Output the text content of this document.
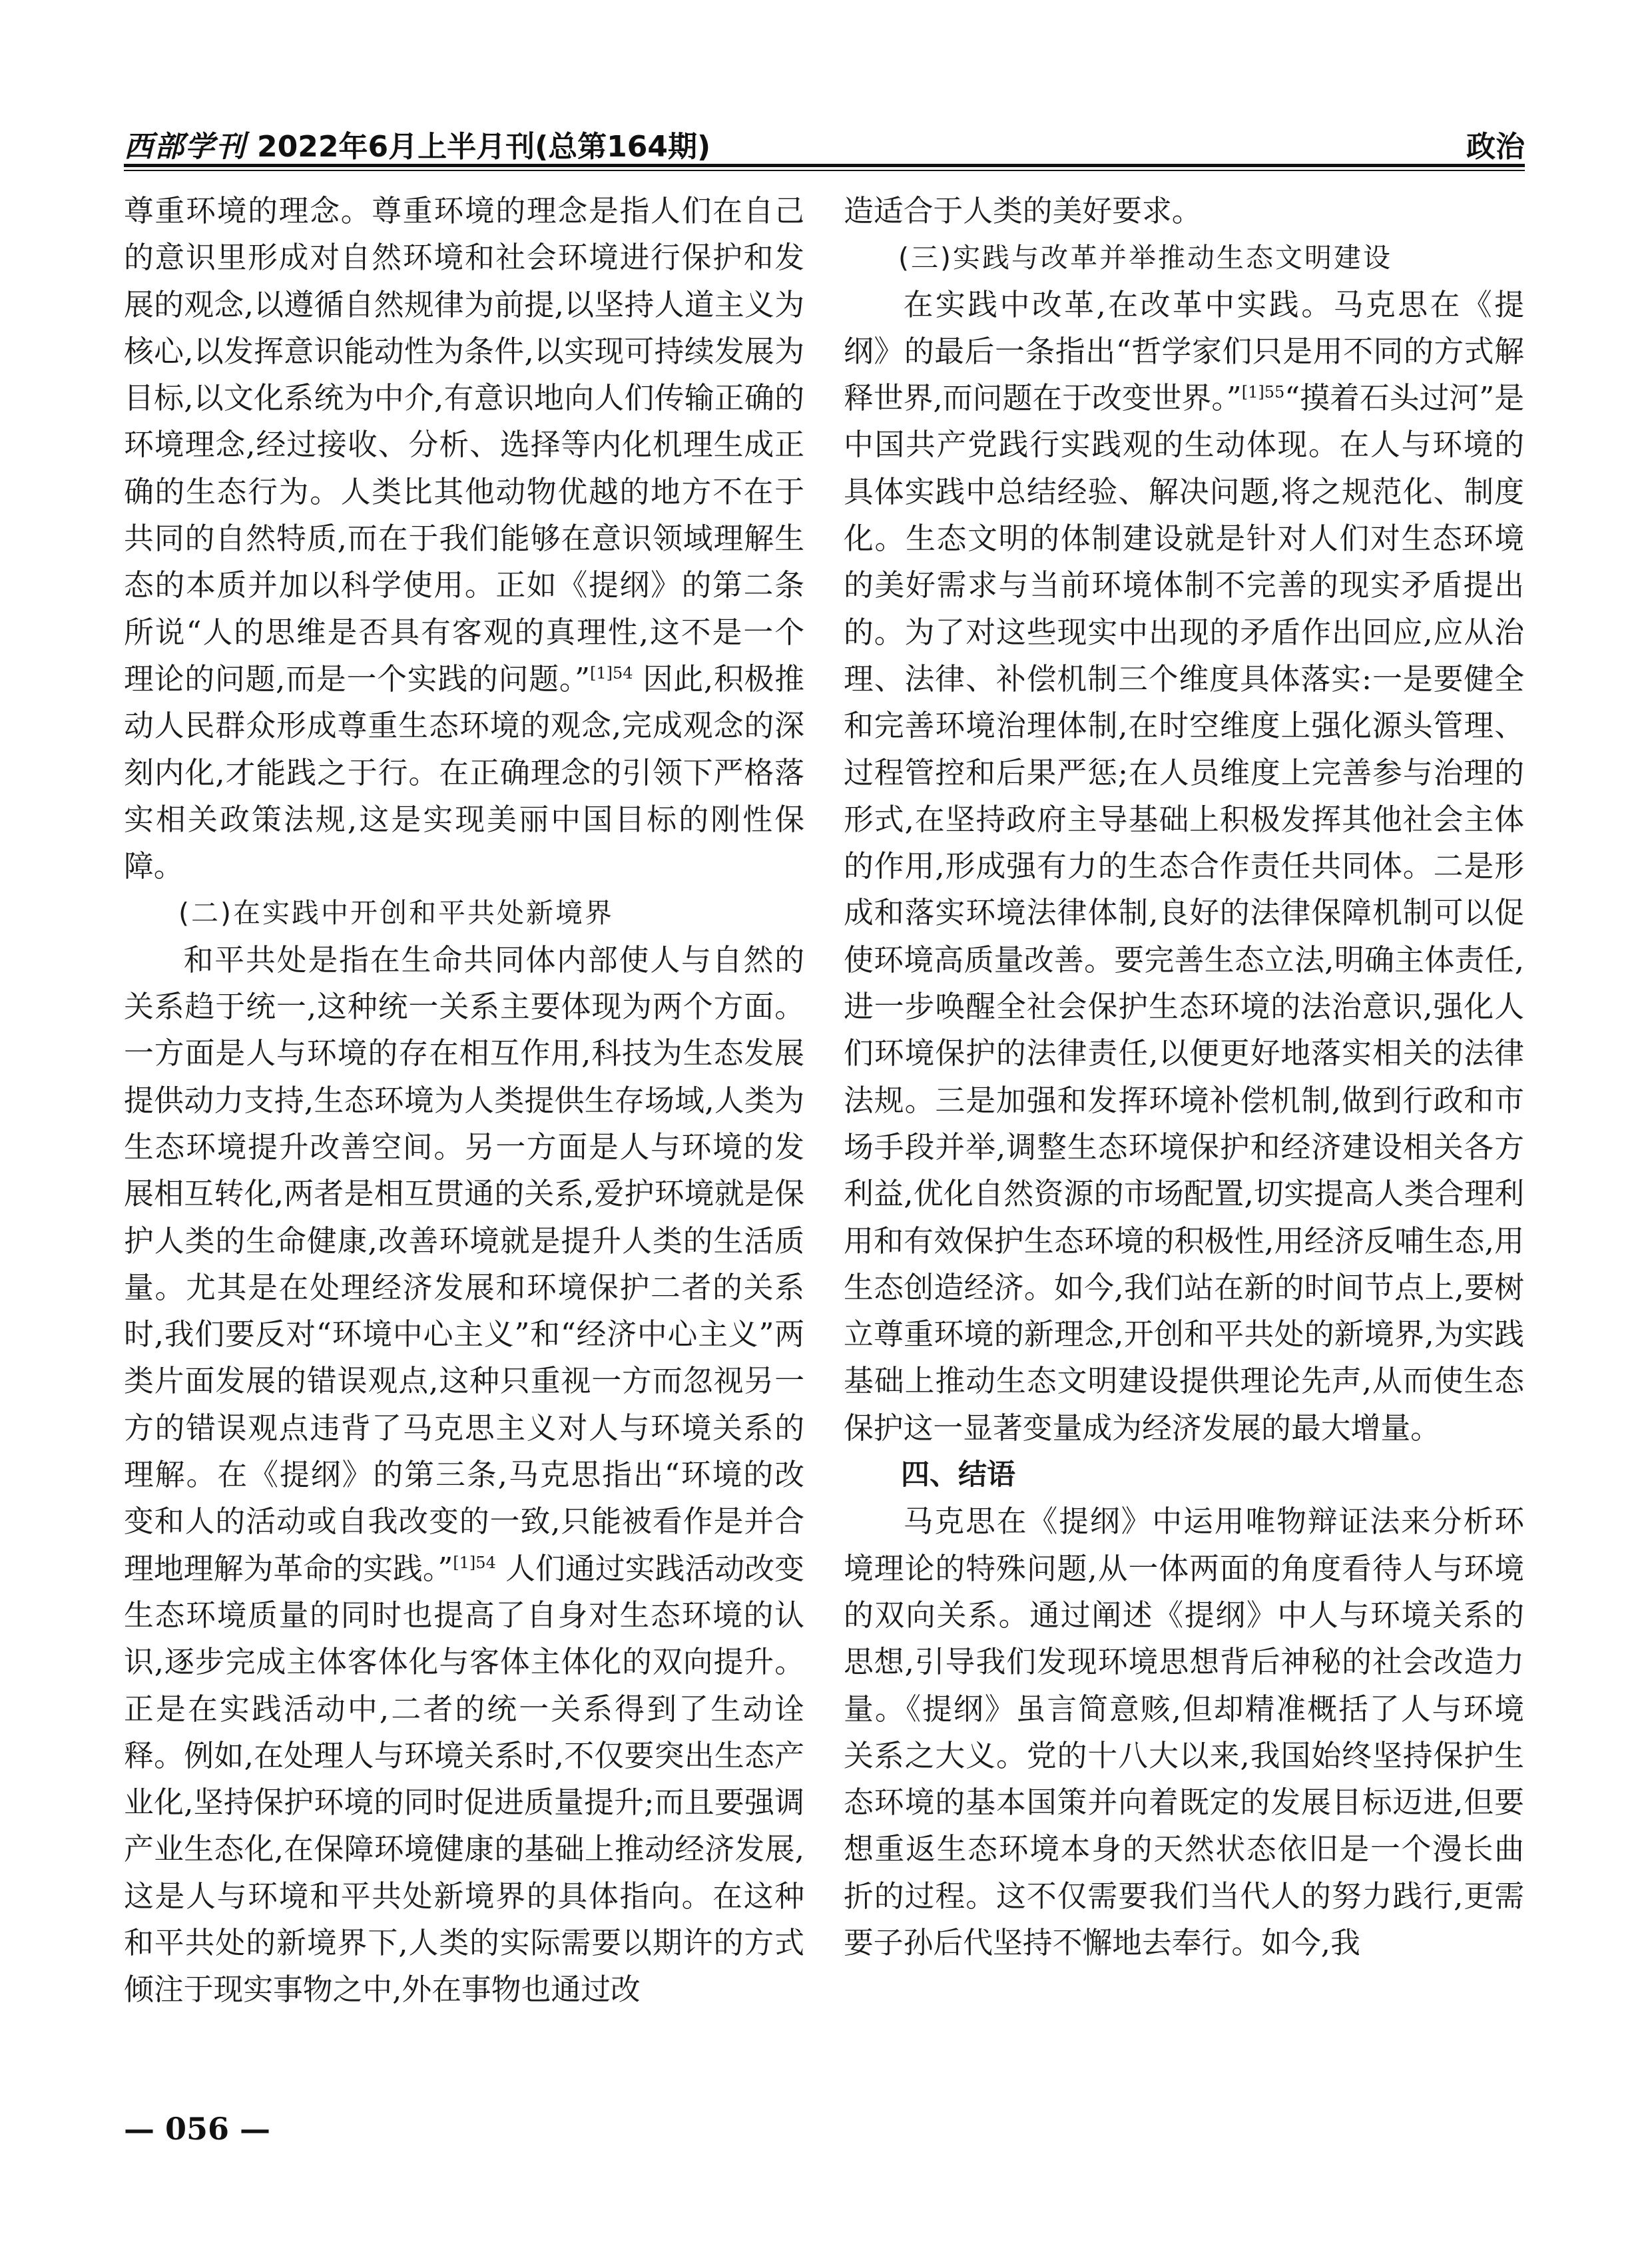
西部学刊 2022年6月上半月刊(总第164期)	政治

尊重环境的理念。尊重环境的理念是指人们在自己的意识里形成对自然环境和社会环境进行保护和发展的观念,以遵循自然规律为前提,以坚持人道主义为核心,以发挥意识能动性为条件,以实现可持续发展为目标,以文化系统为中介,有意识地向人们传输正确的环境理念,经过接收、分析、选择等内化机理生成正确的生态行为。人类比其他动物优越的地方不在于共同的自然特质,而在于我们能够在意识领域理解生态的本质并加以科学使用。正如《提纲》的第二条所说“人的思维是否具有客观的真理性,这不是一个理论的问题,而是一个实践的问题。”$^{[1]54}$ 因此,积极推动人民群众形成尊重生态环境的观念,完成观念的深刻内化,才能践之于行。在正确理念的引领下严格落实相关政策法规,这是实现美丽中国目标的刚性保障。

(二)在实践中开创和平共处新境界

和平共处是指在生命共同体内部使人与自然的关系趋于统一,这种统一关系主要体现为两个方面。一方面是人与环境的存在相互作用,科技为生态发展提供动力支持,生态环境为人类提供生存场域,人类为生态环境提升改善空间。另一方面是人与环境的发展相互转化,两者是相互贯通的关系,爱护环境就是保护人类的生命健康,改善环境就是提升人类的生活质量。尤其是在处理经济发展和环境保护二者的关系时,我们要反对“环境中心主义”和“经济中心主义”两类片面发展的错误观点,这种只重视一方而忽视另一方的错误观点违背了马克思主义对人与环境关系的理解。在《提纲》的第三条,马克思指出“环境的改变和人的活动或自我改变的一致,只能被看作是并合理地理解为革命的实践。”$^{[1]54}$ 人们通过实践活动改变生态环境质量的同时也提高了自身对生态环境的认识,逐步完成主体客体化与客体主体化的双向提升。正是在实践活动中,二者的统一关系得到了生动诠释。例如,在处理人与环境关系时,不仅要突出生态产业化,坚持保护环境的同时促进质量提升;而且要强调产业生态化,在保障环境健康的基础上推动经济发展,这是人与环境和平共处新境界的具体指向。在这种和平共处的新境界下,人类的实际需要以期许的方式倾注于现实事物之中,外在事物也通过改

造适合于人类的美好要求。

(三)实践与改革并举推动生态文明建设

在实践中改革,在改革中实践。马克思在《提纲》的最后一条指出“哲学家们只是用不同的方式解释世界,而问题在于改变世界。”$^{[1]55}$“摸着石头过河”是中国共产党践行实践观的生动体现。在人与环境的具体实践中总结经验、解决问题,将之规范化、制度化。生态文明的体制建设就是针对人们对生态环境的美好需求与当前环境体制不完善的现实矛盾提出的。为了对这些现实中出现的矛盾作出回应,应从治理、法律、补偿机制三个维度具体落实:一是要健全和完善环境治理体制,在时空维度上强化源头管理、过程管控和后果严惩;在人员维度上完善参与治理的形式,在坚持政府主导基础上积极发挥其他社会主体的作用,形成强有力的生态合作责任共同体。二是形成和落实环境法律体制,良好的法律保障机制可以促使环境高质量改善。要完善生态立法,明确主体责任,进一步唤醒全社会保护生态环境的法治意识,强化人们环境保护的法律责任,以便更好地落实相关的法律法规。三是加强和发挥环境补偿机制,做到行政和市场手段并举,调整生态环境保护和经济建设相关各方利益,优化自然资源的市场配置,切实提高人类合理利用和有效保护生态环境的积极性,用经济反哺生态,用生态创造经济。如今,我们站在新的时间节点上,要树立尊重环境的新理念,开创和平共处的新境界,为实践基础上推动生态文明建设提供理论先声,从而使生态保护这一显著变量成为经济发展的最大增量。

四、结语

马克思在《提纲》中运用唯物辩证法来分析环境理论的特殊问题,从一体两面的角度看待人与环境的双向关系。通过阐述《提纲》中人与环境关系的思想,引导我们发现环境思想背后神秘的社会改造力量。《提纲》虽言简意赅,但却精准概括了人与环境关系之大义。党的十八大以来,我国始终坚持保护生态环境的基本国策并向着既定的发展目标迈进,但要想重返生态环境本身的天然状态依旧是一个漫长曲折的过程。这不仅需要我们当代人的努力践行,更需要子孙后代坚持不懈地去奉行。如今,我

— 056 —
